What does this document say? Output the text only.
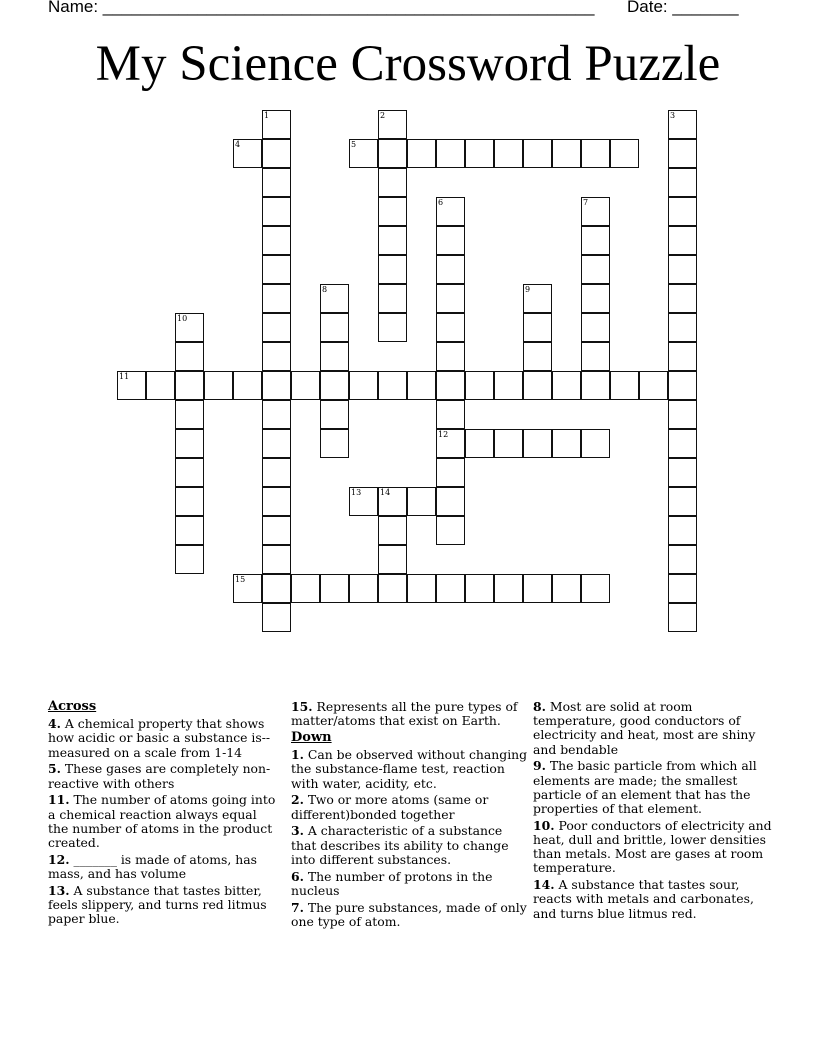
Name: ____________________________________________________ Date: _______
My Science Crossword Puzzle
1	2	3
4	5
6
12
7
8	9
10
11
13 14
15
Across
4. A chemical property that shows how acidic or basic a substance is--measured on a scale from 1-14
5. These gases are completely non-reactive with others
11. The number of atoms going into a chemical reaction always equal the number of atoms in the product created.
12. _______ is made of atoms, has mass, and has volume
13. A substance that tastes bitter, feels slippery, and turns red litmus paper blue.
15. Represents all the pure types of matter/atoms that exist on Earth.
Down
1. Can be observed without changing the substance-flame test, reaction with water, acidity, etc.
2. Two or more atoms (same or different)bonded together
3. A characteristic of a substance that describes its ability to change into different substances.
6. The number of protons in the nucleus
7. The pure substances, made of only one type of atom.
8. Most are solid at room temperature, good conductors of electricity and heat, most are shiny and bendable
9. The basic particle from which all elements are made; the smallest particle of an element that has the properties of that element.
10. Poor conductors of electricity and heat, dull and brittle, lower densities than metals. Most are gases at room temperature.
14. A substance that tastes sour, reacts with metals and carbonates, and turns blue litmus red.
